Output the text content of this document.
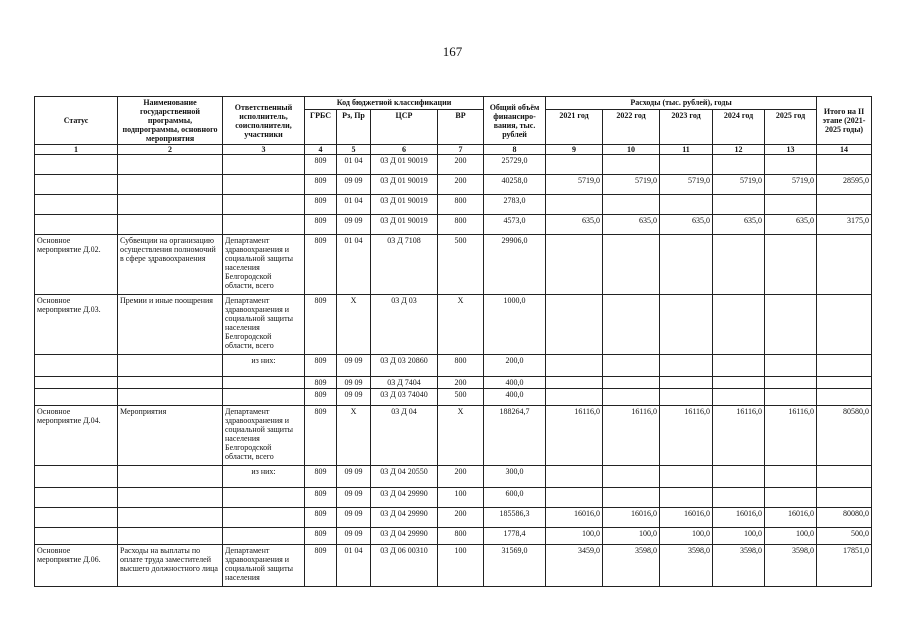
167
Статус	Наименование государственной программы, подпрограммы, основного мероприятия	Ответственный исполнитель, соисполнители, участники	Код бюджетной классификации				Общий объём финансиро-вания, тыс. рублей	Расходы (тыс. рублей), годы					Итого на II этапе (2021-2025 годы)
			ГРБС	Рз, Пр	ЦСР	ВР		2021 год	2022 год	2023 год	2024 год	2025 год	
1	2	3	4	5	6	7	8	9	10	11	12	13	14
			809	01 04	03 Д 01 90019	200	25729,0						
			809	09 09	03 Д 01 90019	200	40258,0	5719,0	5719,0	5719,0	5719,0	5719,0	28595,0
			809	01 04	03 Д 01 90019	800	2783,0						
			809	09 09	03 Д 01 90019	800	4573,0	635,0	635,0	635,0	635,0	635,0	3175,0
Основное мероприятие Д.02.	Субвенции на организацию осуществления полномочий в сфере здравоохранения	Департамент здравоохранения и социальной защиты населения Белгородской области, всего	809	01 04	03 Д 7108	500	29906,0						
Основное мероприятие Д.03.	Премии и иные поощрения	Департамент здравоохранения и социальной защиты населения Белгородской области, всего	809	Х	03 Д 03	Х	1000,0						
		из них:	809	09 09	03 Д 03 20860	800	200,0						
			809	09 09	03 Д 7404	200	400,0						
			809	09 09	03 Д 03 74040	500	400,0						
Основное мероприятие Д.04.	Мероприятия	Департамент здравоохранения и социальной защиты населения Белгородской области, всего	809	Х	03 Д 04	Х	188264,7	16116,0	16116,0	16116,0	16116,0	16116,0	80580,0
		из них:	809	09 09	03 Д 04 20550	200	300,0						
			809	09 09	03 Д 04 29990	100	600,0						
			809	09 09	03 Д 04 29990	200	185586,3	16016,0	16016,0	16016,0	16016,0	16016,0	80080,0
			809	09 09	03 Д 04 29990	800	1778,4	100,0	100,0	100,0	100,0	100,0	500,0
Основное мероприятие Д.06.	Расходы на выплаты по оплате труда заместителей высшего должностного лица	Департамент здравоохранения и социальной защиты населения	809	01 04	03 Д 06 00310	100	31569,0	3459,0	3598,0	3598,0	3598,0	3598,0	17851,0
